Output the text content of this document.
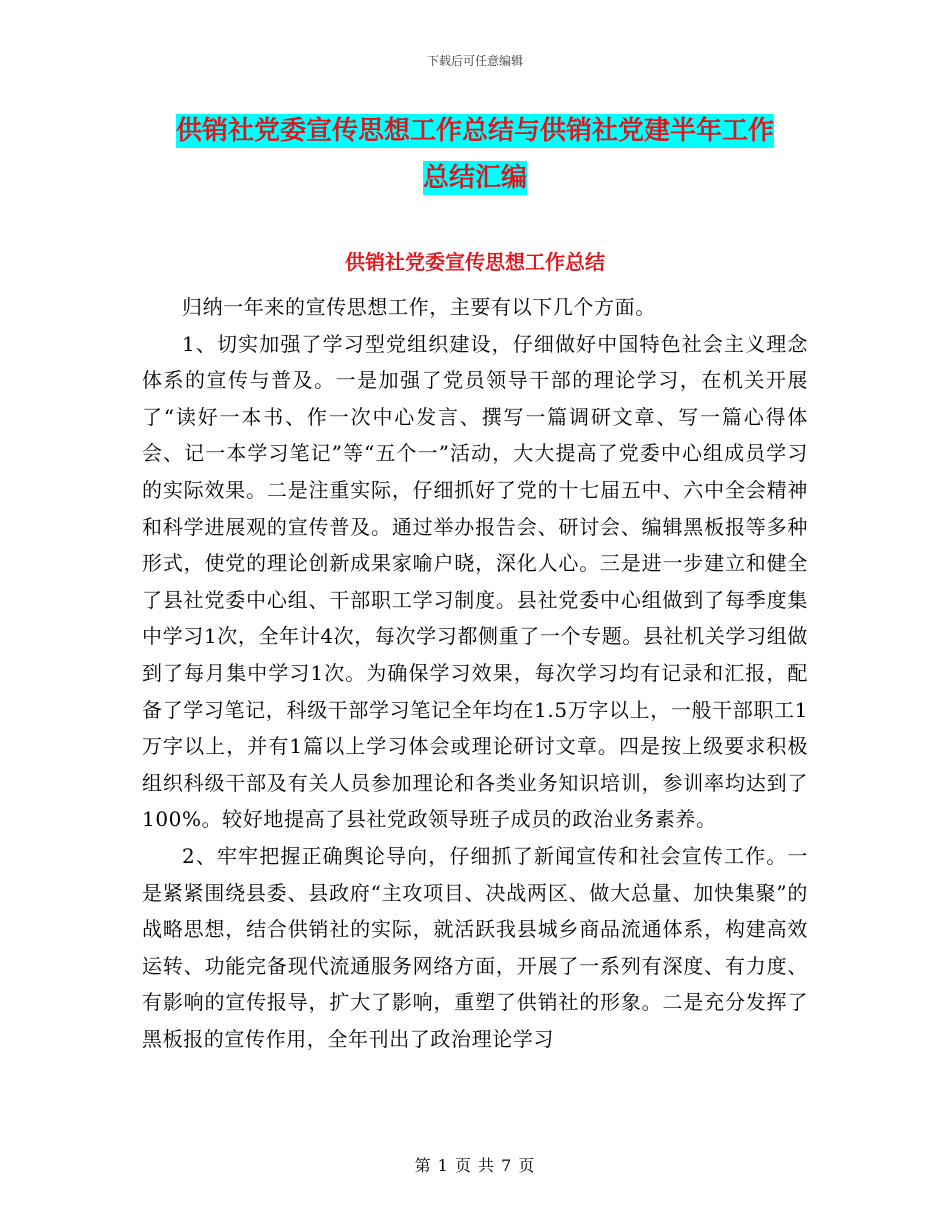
下载后可任意编辑
供销社党委宣传思想工作总结与供销社党建半年工作
总结汇编
供销社党委宣传思想工作总结

归纳一年来的宣传思想工作，主要有以下几个方面。

1、切实加强了学习型党组织建设，仔细做好中国特色社会主义理念体系的宣传与普及。一是加强了党员领导干部的理论学习，在机关开展了“读好一本书、作一次中心发言、撰写一篇调研文章、写一篇心得体会、记一本学习笔记”等“五个一”活动，大大提高了党委中心组成员学习的实际效果。二是注重实际，仔细抓好了党的十七届五中、六中全会精神和科学进展观的宣传普及。通过举办报告会、研讨会、编辑黑板报等多种形式，使党的理论创新成果家喻户晓，深化人心。三是进一步建立和健全了县社党委中心组、干部职工学习制度。县社党委中心组做到了每季度集中学习1次，全年计4次，每次学习都侧重了一个专题。县社机关学习组做到了每月集中学习1次。为确保学习效果，每次学习均有记录和汇报，配备了学习笔记，科级干部学习笔记全年均在1.5万字以上，一般干部职工1万字以上，并有1篇以上学习体会或理论研讨文章。四是按上级要求积极组织科级干部及有关人员参加理论和各类业务知识培训，参训率均达到了100%。较好地提高了县社党政领导班子成员的政治业务素养。

2、牢牢把握正确舆论导向，仔细抓了新闻宣传和社会宣传工作。一是紧紧围绕县委、县政府“主攻项目、决战两区、做大总量、加快集聚”的战略思想，结合供销社的实际，就活跃我县城乡商品流通体系，构建高效运转、功能完备现代流通服务网络方面，开展了一系列有深度、有力度、有影响的宣传报导，扩大了影响，重塑了供销社的形象。二是充分发挥了黑板报的宣传作用，全年刊出了政治理论学习

第 1 页 共 7 页
